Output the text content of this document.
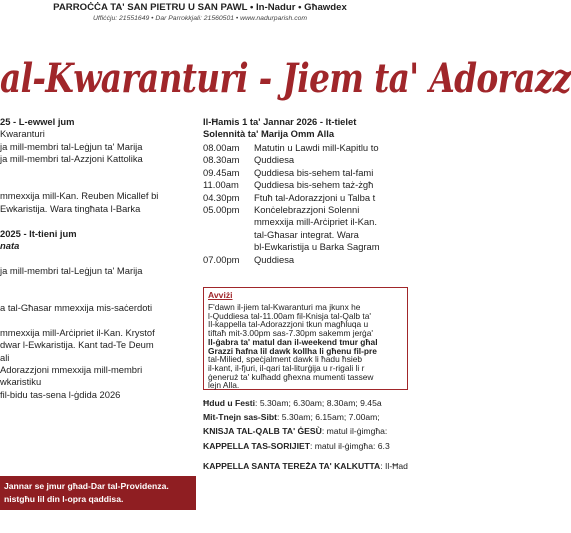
PARROĊĊA TA' SAN PIETRU U SAN PAWL • In-Nadur • Għawdex
Uffiċċju: 21551649 • Dar Parrokkjali: 21560501 • www.nadurparish.com
al-Kwaranturi - Jiem ta' Adorazz
25 - L-ewwel jum
Kwaranturi
ja mill-membri tal-Leġjun ta' Marija
ja mill-membri tal-Azzjoni Kattolika
mmexxija mill-Kan. Reuben Micallef bi
Ewkaristija. Wara tingħata l-Barka
2025 - It-tieni jum
nata
ja mill-membri tal-Leġjun ta' Marija
a tal-Għasar mmexxija mis-saċerdoti
mmexxija mill-Arċipriet il-Kan. Krystof
dwar l-Ewkaristija. Kant tad-Te Deum
ali
Adorazzjoni mmexxija mill-membri
wkaristiku
fil-bidu tas-sena l-ġdida 2026
Il-Ħamis 1 ta' Jannar 2026 - It-tielet
Solennità ta' Marija Omm Alla
08.00am Matutin u Lawdi mill-Kapitlu to
08.30am Quddiesa
09.45am Quddiesa bis-sehem tal-fami
11.00am Quddiesa bis-sehem taż-żgħ
04.30pm Ftuħ tal-Adorazzjoni u Talba t
05.00pm Konċelebrazzjoni Solenni
mmexxija mill-Arċipriet il-Kan.
tal-Għasar integrat. Wara
bl-Ewkaristija u Barka Sagram
07.00pm Quddiesa
Avviżi
F'dawn il-jiem tal-Kwaranturi ma jkunx he
l-Quddiesa tal-11.00am fil-Knisja tal-Qalb ta'
Il-kappella tal-Adorazzjoni tkun magħluqa u
tiftaħ mit-3.00pm sas-7.30pm sakemm jerġa'
Il-ġabra ta' matul dan il-weekend tmur għal
Grazzi ħafna lil dawk kollha li għenu fil-pre
tal-Milied, speċjalment dawk li ħadu ħsieb
il-kant, il-fjuri, il-qari tal-liturġija u r-rigali li r
ġeneruż ta' kulħadd għexna mumenti tassew
lejn Alla.
Ħdud u Festi: 5.30am; 6.30am; 8.30am; 9.45a
Mit-Tnejn sas-Sibt: 5.30am; 6.15am; 7.00am;
KNISJA TAL-QALB TA' ĠESÙ: matul il-ġimgħa:
KAPPELLA TAS-SORIJIET: matul il-ġimgħa: 6.3
KAPPELLA SANTA TEREŻA TA' KALKUTTA: Il-Ħad
Jannar se jmur għad-Dar tal-Providenza.
nistgħu lil din l-opra qaddisa.
